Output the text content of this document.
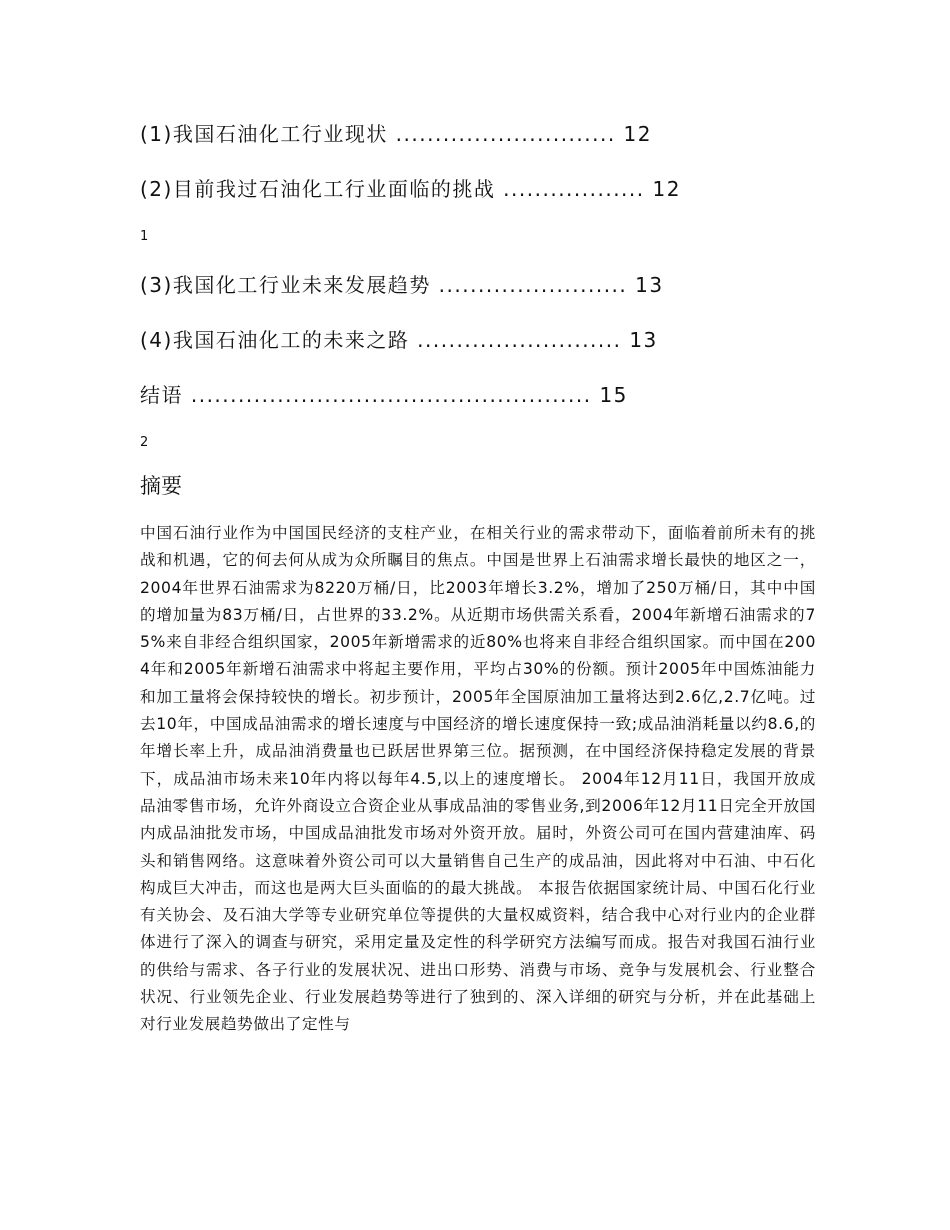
(1)我国石油化工行业现状 ............................ 12
(2)目前我过石油化工行业面临的挑战 .................. 12
1
(3)我国化工行业未来发展趋势 ........................ 13
(4)我国石油化工的未来之路 .......................... 13
结语 ................................................... 15
2
摘要
中国石油行业作为中国国民经济的支柱产业，在相关行业的需求带动下，面临着前所未有的挑战和机遇，它的何去何从成为众所瞩目的焦点。中国是世界上石油需求增长最快的地区之一， 2004年世界石油需求为8220万桶/日，比2003年增长3.2%，增加了250万桶/日，其中中国的增加量为83万桶/日，占世界的33.2%。从近期市场供需关系看，2004年新增石油需求的75%来自非经合组织国家，2005年新增需求的近80%也将来自非经合组织国家。而中国在2004年和2005年新增石油需求中将起主要作用，平均占30%的份额。预计2005年中国炼油能力和加工量将会保持较快的增长。初步预计，2005年全国原油加工量将达到2.6亿,2.7亿吨。过去10年，中国成品油需求的增长速度与中国经济的增长速度保持一致;成品油消耗量以约8.6,的年增长率上升，成品油消费量也已跃居世界第三位。据预测，在中国经济保持稳定发展的背景下，成品油市场未来10年内将以每年4.5,以上的速度增长。 2004年12月11日，我国开放成品油零售市场，允许外商设立合资企业从事成品油的零售业务,到2006年12月11日完全开放国内成品油批发市场，中国成品油批发市场对外资开放。届时，外资公司可在国内营建油库、码头和销售网络。这意味着外资公司可以大量销售自己生产的成品油，因此将对中石油、中石化构成巨大冲击，而这也是两大巨头面临的的最大挑战。 本报告依据国家统计局、中国石化行业有关协会、及石油大学等专业研究单位等提供的大量权威资料，结合我中心对行业内的企业群体进行了深入的调查与研究，采用定量及定性的科学研究方法编写而成。报告对我国石油行业的供给与需求、各子行业的发展状况、进出口形势、消费与市场、竞争与发展机会、行业整合状况、行业领先企业、行业发展趋势等进行了独到的、深入详细的研究与分析，并在此基础上对行业发展趋势做出了定性与
